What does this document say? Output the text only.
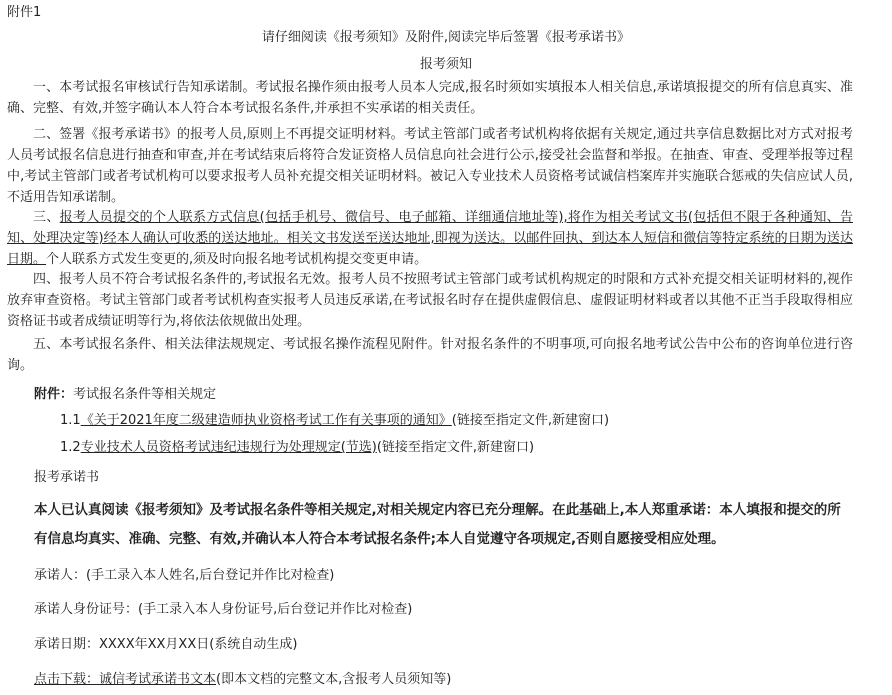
附件1
请仔细阅读《报考须知》及附件,阅读完毕后签署《报考承诺书》
报考须知

一、本考试报名审核试行告知承诺制。考试报名操作须由报考人员本人完成,报名时须如实填报本人相关信息,承诺填报提交的所有信息真实、准确、完整、有效,并签字确认本人符合本考试报名条件,并承担不实承诺的相关责任。

二、签署《报考承诺书》的报考人员,原则上不再提交证明材料。考试主管部门或者考试机构将依据有关规定,通过共享信息数据比对方式对报考人员考试报名信息进行抽查和审查,并在考试结束后将符合发证资格人员信息向社会进行公示,接受社会监督和举报。在抽查、审查、受理举报等过程中,考试主管部门或者考试机构可以要求报考人员补充提交相关证明材料。被记入专业技术人员资格考试诚信档案库并实施联合惩戒的失信应试人员,不适用告知承诺制。

三、报考人员提交的个人联系方式信息(包括手机号、微信号、电子邮箱、详细通信地址等),将作为相关考试文书(包括但不限于各种通知、告知、处理决定等)经本人确认可收悉的送达地址。相关文书发送至送达地址,即视为送达。以邮件回执、到达本人短信和微信等特定系统的日期为送达日期。个人联系方式发生变更的,须及时向报名地考试机构提交变更申请。

四、报考人员不符合考试报名条件的,考试报名无效。报考人员不按照考试主管部门或考试机构规定的时限和方式补充提交相关证明材料的,视作放弃审查资格。考试主管部门或者考试机构查实报考人员违反承诺,在考试报名时存在提供虚假信息、虚假证明材料或者以其他不正当手段取得相应资格证书或者成绩证明等行为,将依法依规做出处理。

五、本考试报名条件、相关法律法规规定、考试报名操作流程见附件。针对报名条件的不明事项,可向报名地考试公告中公布的咨询单位进行咨询。

附件：考试报名条件等相关规定
1.1《关于2021年度二级建造师执业资格考试工作有关事项的通知》(链接至指定文件,新建窗口)
1.2专业技术人员资格考试违纪违规行为处理规定(节选)(链接至指定文件,新建窗口)
报考承诺书

本人已认真阅读《报考须知》及考试报名条件等相关规定,对相关规定内容已充分理解。在此基础上,本人郑重承诺：本人填报和提交的所有信息均真实、准确、完整、有效,并确认本人符合本考试报名条件;本人自觉遵守各项规定,否则自愿接受相应处理。

承诺人：(手工录入本人姓名,后台登记并作比对检查)
承诺人身份证号：(手工录入本人身份证号,后台登记并作比对检查)
承诺日期：XXXX年XX月XX日(系统自动生成)
点击下载：诚信考试承诺书文本(即本文档的完整文本,含报考人员须知等)
